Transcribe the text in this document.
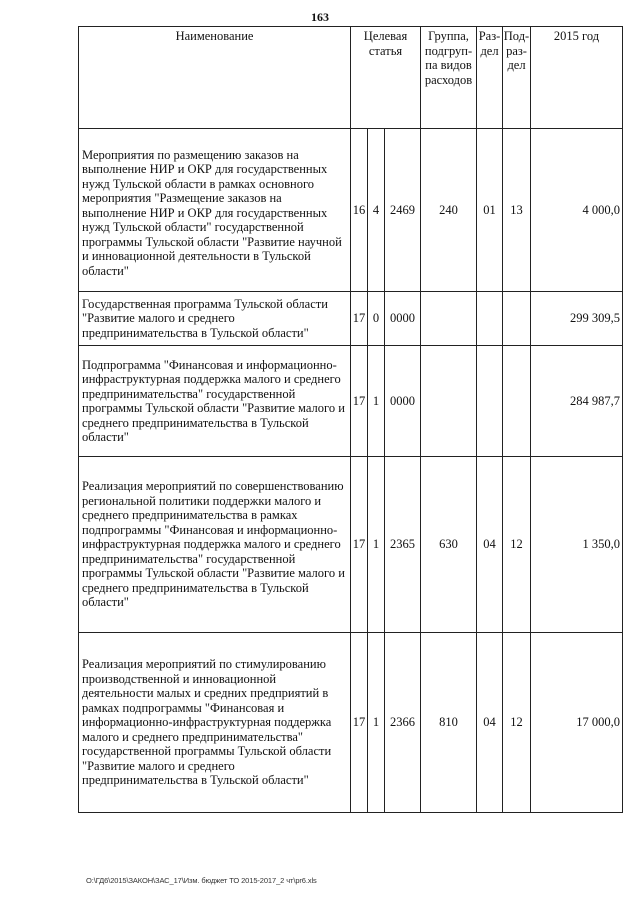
163
Наименование	Целевая статья			Группа, подгруп-па видов расходов	Раз-дел	Под-раз-дел	2015 год
Мероприятия по размещению заказов на выполнение НИР и ОКР для государственных нужд Тульской области в рамках основного мероприятия "Размещение заказов на выполнение НИР и ОКР для государственных нужд Тульской области" государственной программы Тульской области "Развитие научной и инновационной деятельности в Тульской области"	16	4	2469	240	01	13	4 000,0
Государственная программа Тульской области "Развитие малого и среднего предпринимательства в Тульской области"	17	0	0000				299 309,5
Подпрограмма "Финансовая и информационно-инфраструктурная поддержка малого и среднего предпринимательства" государственной программы Тульской области "Развитие малого и среднего предпринимательства в Тульской области"	17	1	0000				284 987,7
Реализация мероприятий по совершенствованию региональной политики поддержки малого и среднего предпринимательства в рамках подпрограммы "Финансовая и информационно-инфраструктурная поддержка малого и среднего предпринимательства" государственной программы Тульской области "Развитие малого и среднего предпринимательства в Тульской области"	17	1	2365	630	04	12	1 350,0
Реализация мероприятий по стимулированию производственной и инновационной деятельности малых и средних предприятий в рамках подпрограммы "Финансовая и информационно-инфраструктурная поддержка малого и среднего предпринимательства" государственной программы Тульской области "Развитие малого и среднего предпринимательства в Тульской области"	17	1	2366	810	04	12	17 000,0
O:\ГД6\2015\ЗАКОН\ЗАС_17\Изм. бюджет ТО 2015-2017_2 чт\pr6.xls
